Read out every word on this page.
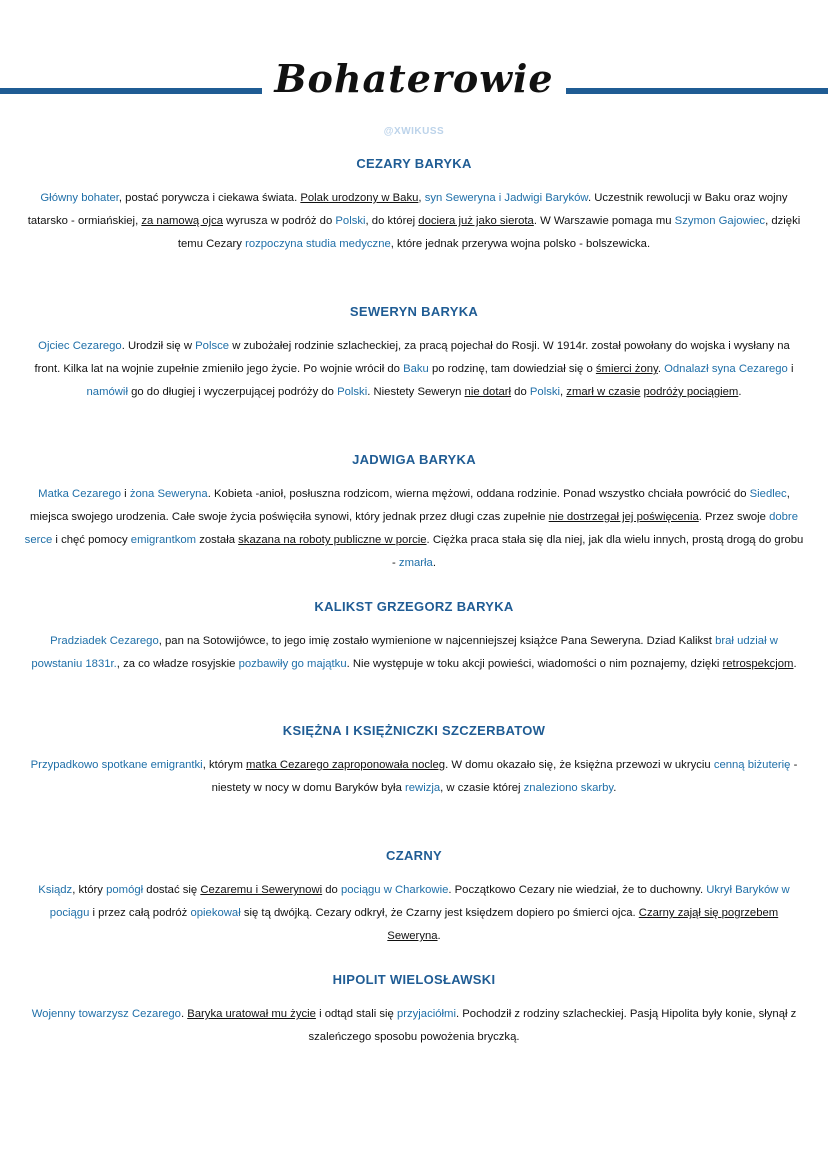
Bohaterowie
@XWIKUSS
CEZARY BARYKA
Główny bohater, postać porywcza i ciekawa świata. Polak urodzony w Baku, syn Seweryna i Jadwigi Baryków. Uczestnik rewolucji w Baku oraz wojny tatarsko - ormiańskiej, za namową ojca wyrusza w podróż do Polski, do której dociera już jako sierota. W Warszawie pomaga mu Szymon Gajowiec, dzięki temu Cezary rozpoczyna studia medyczne, które jednak przerywa wojna polsko - bolszewicka.
SEWERYN BARYKA
Ojciec Cezarego. Urodził się w Polsce w zubożałej rodzinie szlacheckiej, za pracą pojechał do Rosji. W 1914r. został powołany do wojska i wysłany na front. Kilka lat na wojnie zupełnie zmieniło jego życie. Po wojnie wrócił do Baku po rodzinę, tam dowiedział się o śmierci żony. Odnalazł syna Cezarego i namówił go do długiej i wyczerpującej podróży do Polski. Niestety Seweryn nie dotarł do Polski, zmarł w czasie podróży pociągiem.
JADWIGA BARYKA
Matka Cezarego i żona Seweryna. Kobieta -anioł, posłuszna rodzicom, wierna mężowi, oddana rodzinie. Ponad wszystko chciała powrócić do Siedlec, miejsca swojego urodzenia. Całe swoje życia poświęciła synowi, który jednak przez długi czas zupełnie nie dostrzegał jej poświęcenia. Przez swoje dobre serce i chęć pomocy emigrantkom została skazana na roboty publiczne w porcie. Ciężka praca stała się dla niej, jak dla wielu innych, prostą drogą do grobu - zmarła.
KALIKST GRZEGORZ BARYKA
Pradziadek Cezarego, pan na Sotowijówce, to jego imię zostało wymienione w najcenniejszej książce Pana Seweryna. Dziad Kalikst brał udział w powstaniu 1831r., za co władze rosyjskie pozbawiły go majątku. Nie występuje w toku akcji powieści, wiadomości o nim poznajemy, dzięki retrospekcjom.
KSIĘŻNA I KSIĘŻNICZKI SZCZERBATOW
Przypadkowo spotkane emigrantki, którym matka Cezarego zaproponowała nocleg. W domu okazało się, że księżna przewozi w ukryciu cenną biżuterię - niestety w nocy w domu Baryków była rewizja, w czasie której znaleziono skarby.
CZARNY
Ksiądz, który pomógł dostać się Cezaremu i Sewerynowi do pociągu w Charkowie. Początkowo Cezary nie wiedział, że to duchowny. Ukrył Baryków w pociągu i przez całą podróż opiekował się tą dwójką. Cezary odkrył, że Czarny jest księdzem dopiero po śmierci ojca. Czarny zajął się pogrzebem Seweryna.
HIPOLIT WIELOSŁAWSKI
Wojenny towarzysz Cezarego. Baryka uratował mu życie i odtąd stali się przyjaciółmi. Pochodził z rodziny szlacheckiej. Pasją Hipolita były konie, słynął z szaleńczego sposobu powożenia bryczką.
